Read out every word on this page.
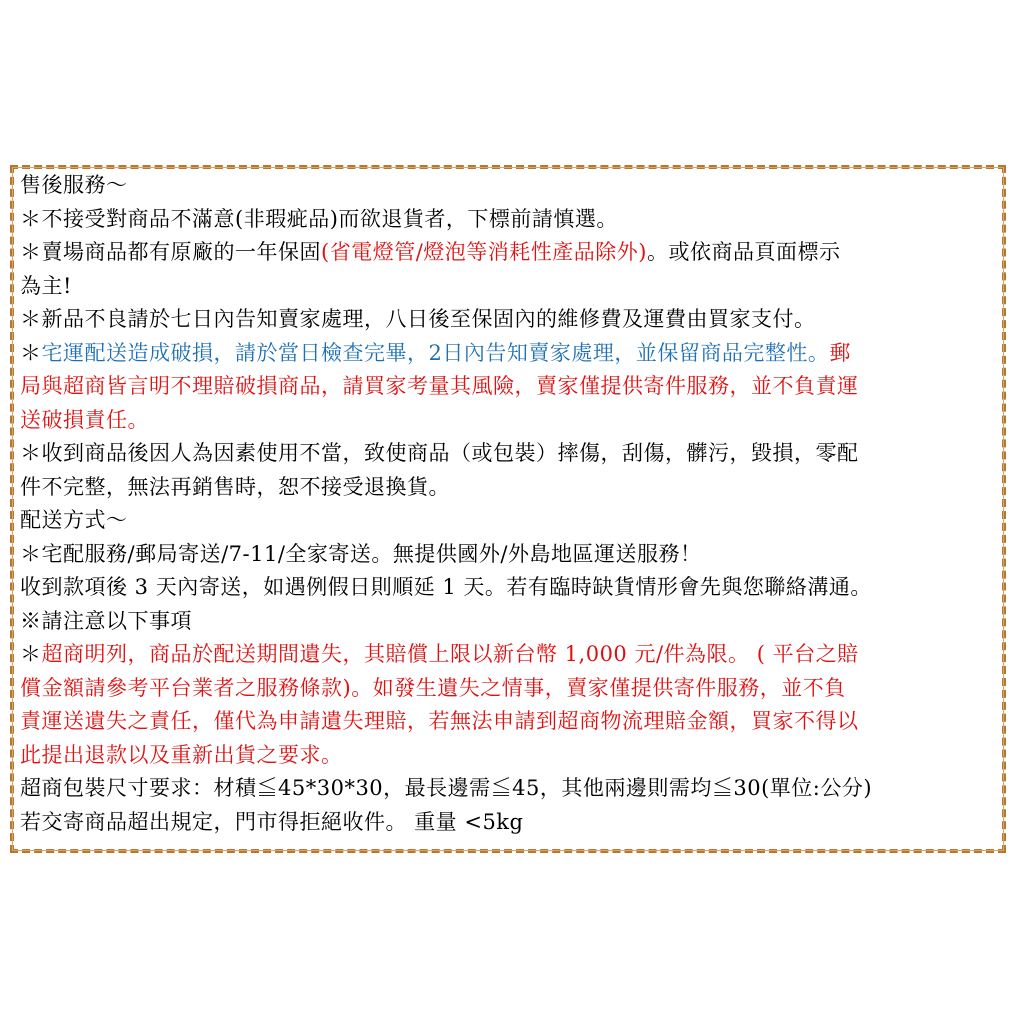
售後服務～
＊不接受對商品不滿意(非瑕疵品)而欲退貨者，下標前請慎選。
＊賣場商品都有原廠的一年保固(省電燈管/燈泡等消耗性產品除外)。或依商品頁面標示
為主!
＊新品不良請於七日內告知賣家處理，八日後至保固內的維修費及運費由買家支付。
＊宅運配送造成破損，請於當日檢查完畢，2日內告知賣家處理，並保留商品完整性。郵
局與超商皆言明不理賠破損商品，請買家考量其風險，賣家僅提供寄件服務，並不負責運
送破損責任。
＊收到商品後因人為因素使用不當，致使商品（或包裝）摔傷，刮傷，髒污，毀損，零配
件不完整，無法再銷售時，恕不接受退換貨。
配送方式～
＊宅配服務/郵局寄送/7-11/全家寄送。無提供國外/外島地區運送服務！
收到款項後 3 天內寄送，如遇例假日則順延 1 天。若有臨時缺貨情形會先與您聯絡溝通。
※請注意以下事項
＊超商明列，商品於配送期間遺失，其賠償上限以新台幣 1,000 元/件為限。 ( 平台之賠
償金額請參考平台業者之服務條款)。如發生遺失之情事，賣家僅提供寄件服務，並不負
責運送遺失之責任，僅代為申請遺失理賠，若無法申請到超商物流理賠金額，買家不得以
此提出退款以及重新出貨之要求。
超商包裝尺寸要求：材積≦45*30*30，最長邊需≦45，其他兩邊則需均≦30(單位:公分)
若交寄商品超出規定，門市得拒絕收件。 重量 <5kg
